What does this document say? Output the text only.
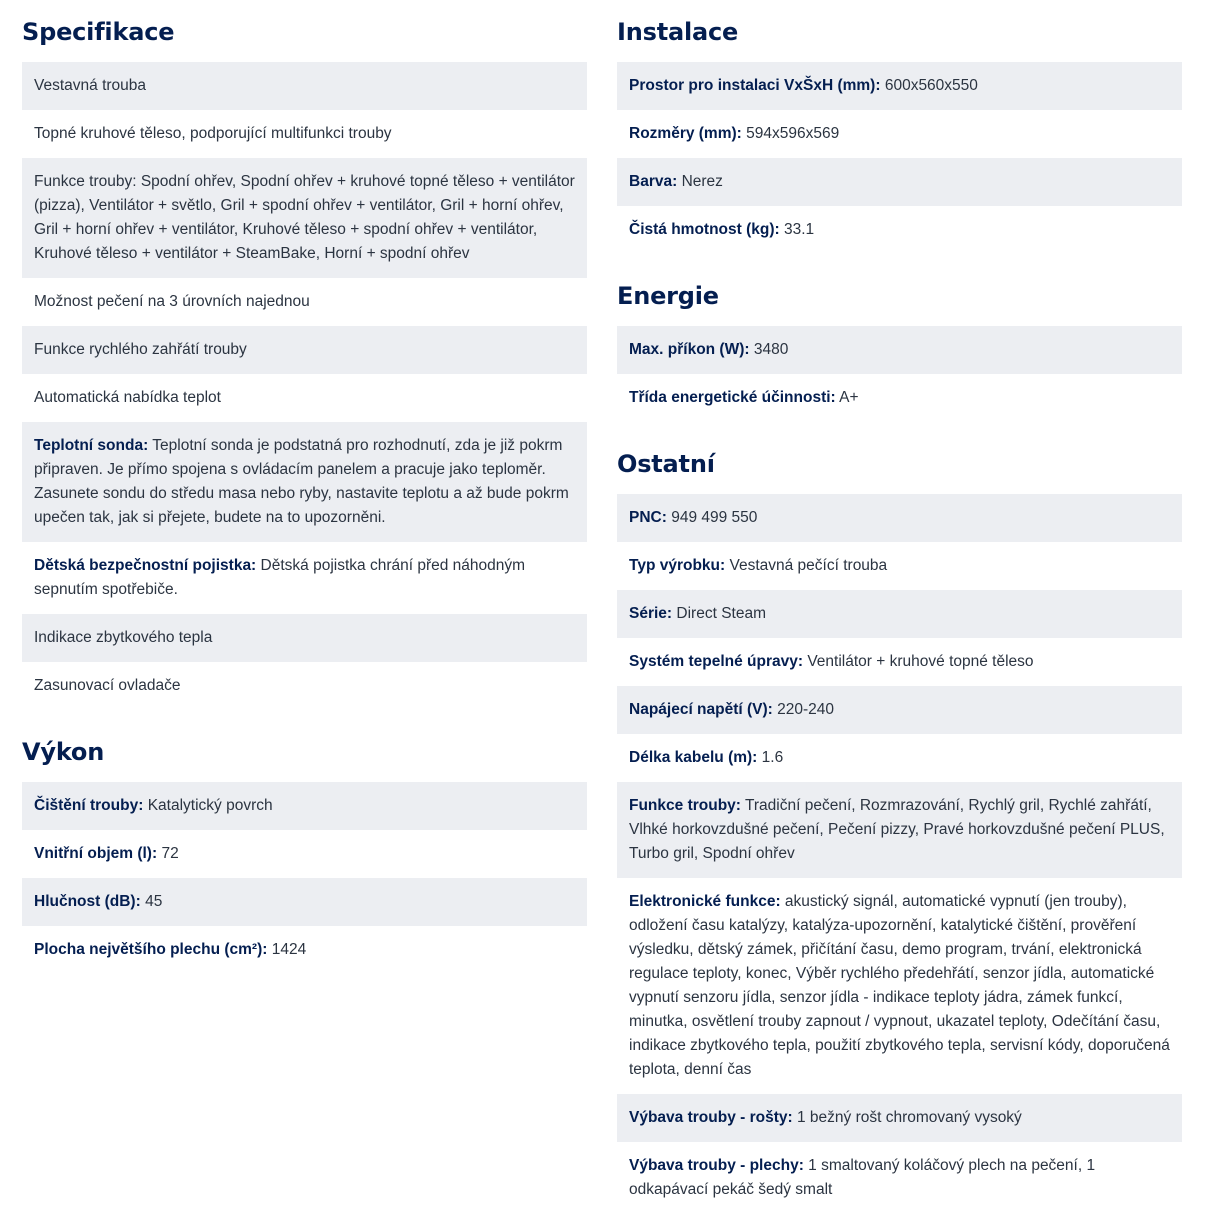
Specifikace
Vestavná trouba
Topné kruhové těleso, podporující multifunkci trouby
Funkce trouby: Spodní ohřev, Spodní ohřev + kruhové topné těleso + ventilátor (pizza), Ventilátor + světlo, Gril + spodní ohřev + ventilátor, Gril + horní ohřev, Gril + horní ohřev + ventilátor, Kruhové těleso + spodní ohřev + ventilátor, Kruhové těleso + ventilátor + SteamBake, Horní + spodní ohřev
Možnost pečení na 3 úrovních najednou
Funkce rychlého zahřátí trouby
Automatická nabídka teplot
Teplotní sonda: Teplotní sonda je podstatná pro rozhodnutí, zda je již pokrm připraven. Je přímo spojena s ovládacím panelem a pracuje jako teploměr. Zasunete sondu do středu masa nebo ryby, nastavite teplotu a až bude pokrm upečen tak, jak si přejete, budete na to upozorněni.
Dětská bezpečnostní pojistka: Dětská pojistka chrání před náhodným sepnutím spotřebiče.
Indikace zbytkového tepla
Zasunovací ovladače
Výkon
Čištění trouby: Katalytický povrch
Vnitřní objem (l): 72
Hlučnost (dB): 45
Plocha největšího plechu (cm²): 1424
Instalace
Prostor pro instalaci VxŠxH (mm): 600x560x550
Rozměry (mm): 594x596x569
Barva: Nerez
Čistá hmotnost (kg): 33.1
Energie
Max. příkon (W): 3480
Třída energetické účinnosti: A+
Ostatní
PNC: 949 499 550
Typ výrobku: Vestavná pečící trouba
Série: Direct Steam
Systém tepelné úpravy: Ventilátor + kruhové topné těleso
Napájecí napětí (V): 220-240
Délka kabelu (m): 1.6
Funkce trouby: Tradiční pečení, Rozmrazování, Rychlý gril, Rychlé zahřátí, Vlhké horkovzdušné pečení, Pečení pizzy, Pravé horkovzdušné pečení PLUS, Turbo gril, Spodní ohřev
Elektronické funkce: akustický signál, automatické vypnutí (jen trouby), odložení času katalýzy, katalýza-upozornění, katalytické čištění, prověření výsledku, dětský zámek, přičítání času, demo program, trvání, elektronická regulace teploty, konec, Výběr rychlého předehřátí, senzor jídla, automatické vypnutí senzoru jídla, senzor jídla - indikace teploty jádra, zámek funkcí, minutka, osvětlení trouby zapnout / vypnout, ukazatel teploty, Odečítání času, indikace zbytkového tepla, použití zbytkového tepla, servisní kódy, doporučená teplota, denní čas
Výbava trouby - rošty: 1 bežný rošt chromovaný vysoký
Výbava trouby - plechy: 1 smaltovaný koláčový plech na pečení, 1 odkapávací pekáč šedý smalt
